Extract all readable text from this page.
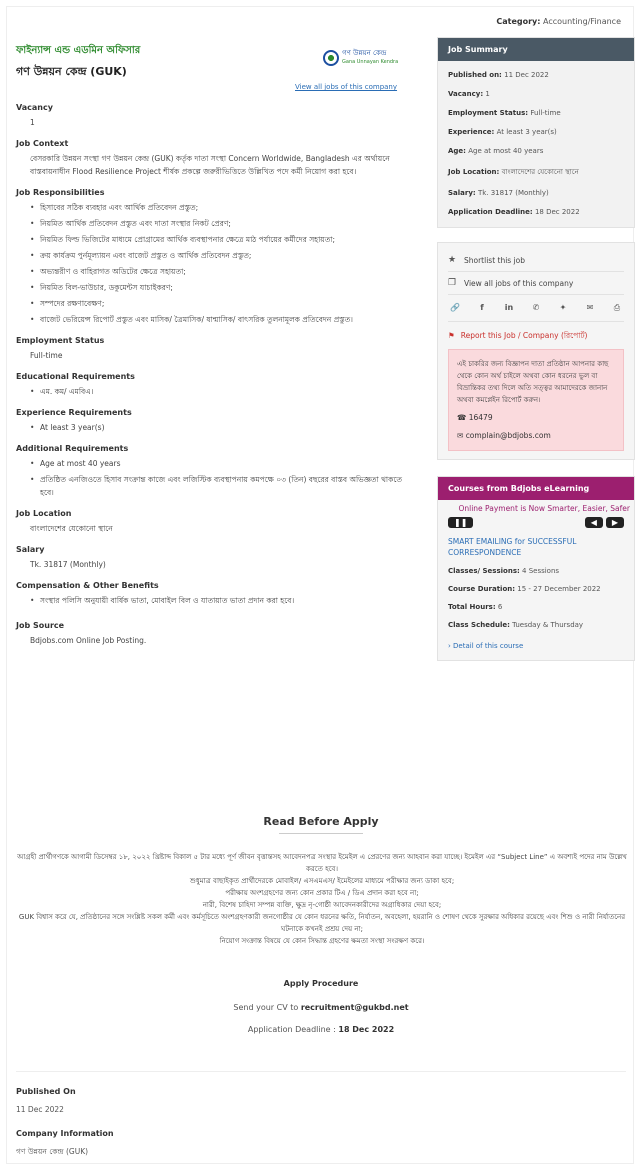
Category: Accounting/Finance
ফাইন্যান্স এন্ড এডমিন অফিসার
গণ উন্নয়ন কেন্দ্র (GUK)
গণ উন্নয়ন কেন্দ্র
Gana Unnayan Kendra
View all jobs of this company
Vacancy
1
Job Context
বেসরকারি উন্নয়ন সংস্থা গণ উন্নয়ন কেন্দ্র (GUK) কর্তৃক দাতা সংস্থা Concern Worldwide, Bangladesh এর অর্থায়নে বাস্তবায়নাধীন Flood Resilience Project শীর্ষক প্রকল্পে জরুরীভিত্তিতে উল্লিখিত পদে কর্মী নিয়োগ করা হবে।
Job Responsibilities
• হিসাবের সঠিক ব্যবহার এবং আর্থিক প্রতিবেদন প্রস্তুত;
• নিয়মিত আর্থিক প্রতিবেদন প্রস্তুত এবং দাতা সংস্থার নিকট প্রেরণ;
• নিয়মিত ফিল্ড ভিজিটের মাধ্যমে প্রোগ্রামের আর্থিক ব্যবস্থাপনার ক্ষেত্রে মাঠ পর্যায়ের কর্মীদের সহায়তা;
• ক্রয় কার্যক্রম পুর্নমূল্যায়ন এবং বাজেট প্রস্তুত ও আর্থিক প্রতিবেদন প্রস্তুত;
• অভ্যন্তরীণ ও বাহিরাগত অডিটের ক্ষেত্রে সহায়তা;
• নিয়মিত বিল-ভাউচার, ডকুমেন্টস যাচাইকরণ;
• সম্পদের রক্ষণাবেক্ষণ;
• বাজেট ভেরিয়েন্স রিপোর্ট প্রস্তুত এবং মাসিক/ ত্রৈমাসিক/ ষান্মাসিক/ বাৎসরিক তুলনামূলক প্রতিবেদন প্রস্তুত।
Employment Status
Full-time
Educational Requirements
• এম. কম/ এমবিএ।
Experience Requirements
• At least 3 year(s)
Additional Requirements
• Age at most 40 years
• প্রতিষ্ঠিত এনজিওতে হিসাব সংক্রান্ত কাজে এবং লজিস্টিক ব্যবস্থাপনায় কমপক্ষে ০৩ (তিন) বছরের বাস্তব অভিজ্ঞতা থাকতে হবে।
Job Location
বাংলাদেশের যেকোনো স্থানে
Salary
Tk. 31817 (Monthly)
Compensation & Other Benefits
• সংস্থার পলিসি অনুযায়ী বার্ষিক ভাতা, মোবাইল বিল ও যাতায়াত ভাতা প্রদান করা হবে।
Job Source
Bdjobs.com Online Job Posting.
Job Summary
Published on: 11 Dec 2022
Vacancy: 1
Employment Status: Full-time
Experience: At least 3 year(s)
Age: Age at most 40 years
Job Location: বাংলাদেশের যেকোনো স্থানে
Salary: Tk. 31817 (Monthly)
Application Deadline: 18 Dec 2022
★ Shortlist this job
❐ View all jobs of this company
🔗	f	in	✆	✦	✉	⎙
⚑ Report this Job / Company (রিপোর্ট)
এই চাকরির জন্য বিজ্ঞাপন দাতা প্রতিষ্ঠান আপনার কাছ থেকে কোন অর্থ চাইলে অথবা কোন ধরনের ভুল বা বিভ্রান্তিকর তথ্য দিলে অতি সত্ত্বর আমাদেরকে জানান অথবা কমপ্লেইন রিপোর্ট করুন।
☎ 16479
✉ complain@bdjobs.com
Courses from Bdjobs eLearning
Online Payment is Now Smarter, Easier, Safer
❚❚	◀	▶
SMART EMAILING for SUCCESSFUL CORRESPONDENCE
Classes/ Sessions: 4 Sessions
Course Duration: 15 - 27 December 2022
Total Hours: 6
Class Schedule: Tuesday & Thursday
› Detail of this course
Read Before Apply
আগ্রহী প্রার্থীগণকে আগামী ডিসেম্বর ১৮, ২০২২ খ্রিষ্টাব্দ বিকাল ৫ টার মধ্যে পূর্ণ জীবন বৃত্তান্তসহ আবেদনপত্র সংস্থার ইমেইল এ প্রেরণের জন্য আহবান করা যাচ্ছে। ইমেইল এর “Subject Line” এ অবশ্যই পদের নাম উল্লেখ করতে হবে।
শুধুমাত্র বাছাইকৃত প্রার্থীদেরকে মোবাইল/ এসএমএস/ ইমেইলের মাধ্যমে পরীক্ষার জন্য ডাকা হবে;
পরীক্ষায় অংশগ্রহণের জন্য কোন প্রকার টিএ / ডিএ প্রদান করা হবে না;
নারী, বিশেষ চাহিদা সম্পন্ন ব্যক্তি, ক্ষুদ্র নৃ-গোষ্ঠী আবেদনকারীদের অগ্রাধিকার দেয়া হবে;
GUK বিশ্বাস করে যে, প্রতিষ্ঠানের সঙ্গে সংশ্লিষ্ট সকল কর্মী এবং কর্মসূচিতে অংশগ্রহণকারী জনগোষ্ঠীর যে কোন ধরনের ক্ষতি, নির্যাতন, অবহেলা, হয়রানি ও শোষণ থেকে সুরক্ষার অধিকার রয়েছে এবং শিশু ও নারী নির্যাতনের ঘটনাকে কখনই প্রশ্রয় দেয় না;
নিয়োগ সংক্রান্ত বিষয়ে যে কোন সিদ্ধান্ত গ্রহণের ক্ষমতা সংস্থা সংরক্ষণ করে।
Apply Procedure
Send your CV to recruitment@gukbd.net
Application Deadline : 18 Dec 2022
Published On
11 Dec 2022
Company Information
গণ উন্নয়ন কেন্দ্র (GUK)
